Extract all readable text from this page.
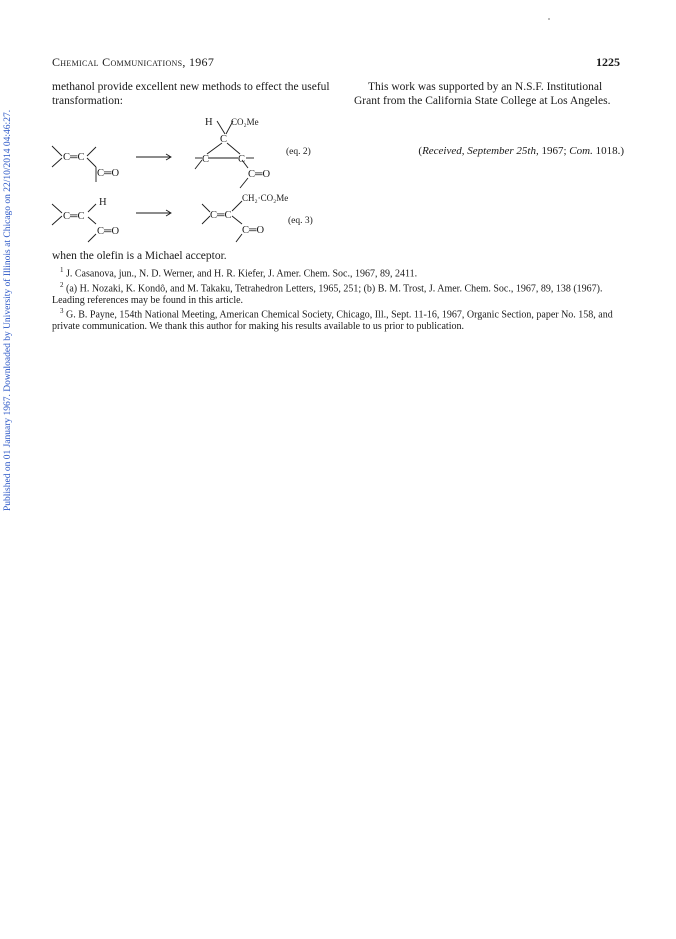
Published on 01 January 1967. Downloaded by University of Illinois at Chicago on 22/10/2014 04:46:27.
Chemical Communications, 1967	1225
methanol provide excellent new methods to effect the useful transformation:
This work was supported by an N.S.F. Institutional Grant from the California State College at Los Angeles.
(Received, September 25th, 1967; Com. 1018.)
C═C
C═O
H CO₂Me
C
C	C
C═O
(eq. 2)
H
C═C
C═O
CH₂·CO₂Me
C═C
C═O
(eq. 3)
when the olefin is a Michael acceptor.

$^1$ J. Casanova, jun., N. D. Werner, and H. R. Kiefer, J. Amer. Chem. Soc., 1967, 89, 2411.

$^2$ (a) H. Nozaki, K. Kondô, and M. Takaku, Tetrahedron Letters, 1965, 251; (b) B. M. Trost, J. Amer. Chem. Soc., 1967, 89, 138 (1967). Leading references may be found in this article.

$^3$ G. B. Payne, 154th National Meeting, American Chemical Society, Chicago, Ill., Sept. 11-16, 1967, Organic Section, paper No. 158, and private communication. We thank this author for making his results available to us prior to publication.
